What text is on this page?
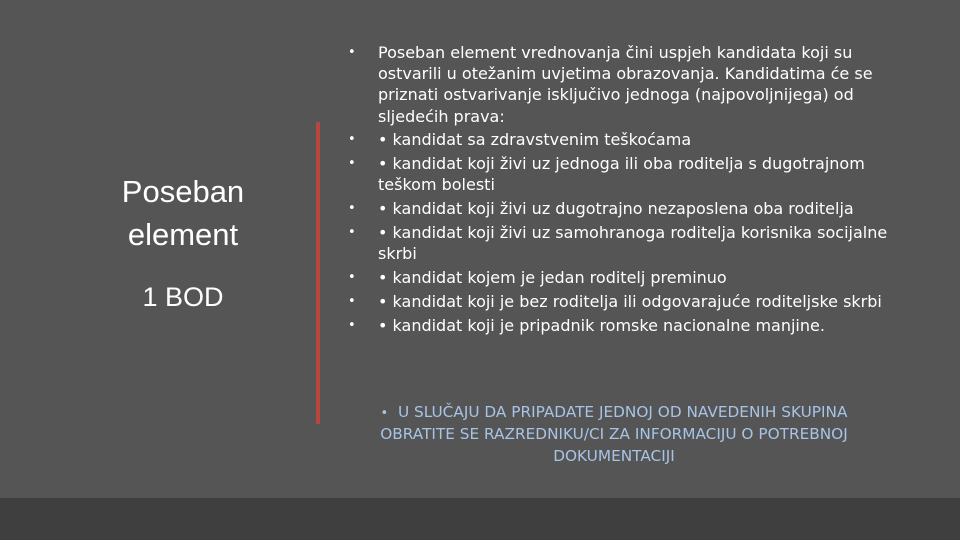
Poseban
element
1 BOD
•	Poseban element vrednovanja čini uspjeh kandidata koji su ostvarili u otežanim uvjetima obrazovanja. Kandidatima će se priznati ostvarivanje isključivo jednoga (najpovoljnijega) od sljedećih prava:
•	• kandidat sa zdravstvenim teškoćama
•	• kandidat koji živi uz jednoga ili oba roditelja s dugotrajnom teškom bolesti
•	• kandidat koji živi uz dugotrajno nezaposlena oba roditelja
•	• kandidat koji živi uz samohranoga roditelja korisnika socijalne skrbi
•	• kandidat kojem je jedan roditelj preminuo
•	• kandidat koji je bez roditelja ili odgovarajuće roditeljske skrbi
•	• kandidat koji je pripadnik romske nacionalne manjine.
• U SLUČAJU DA PRIPADATE JEDNOJ OD NAVEDENIH SKUPINA OBRATITE SE RAZREDNIKU/CI ZA INFORMACIJU O POTREBNOJ DOKUMENTACIJI
